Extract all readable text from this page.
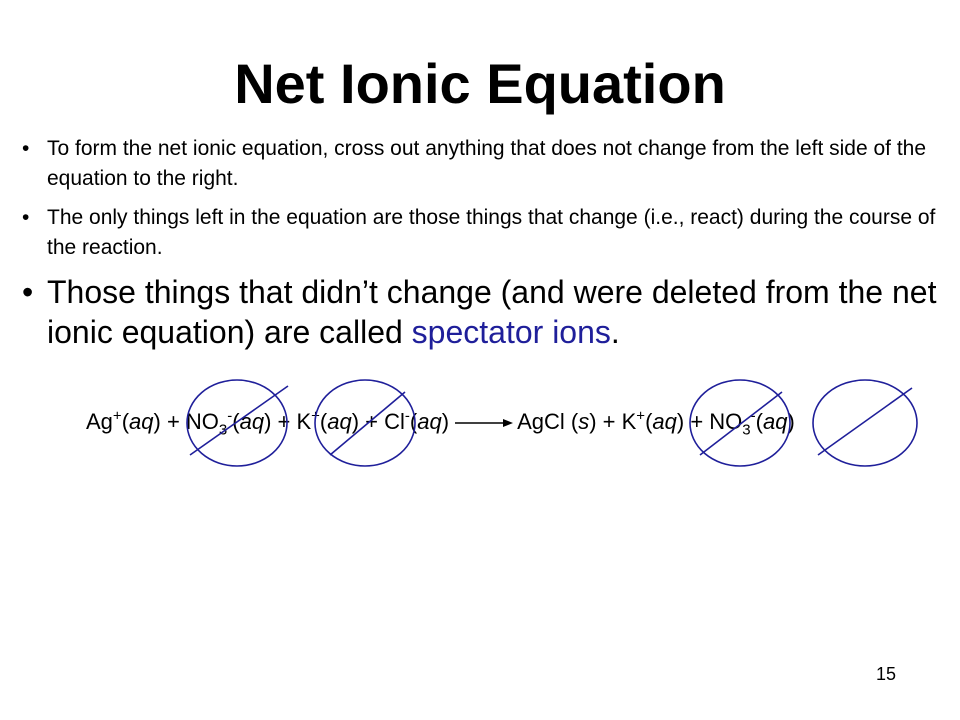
Net Ionic Equation
• To form the net ionic equation, cross out anything that does not change from the left side of the equation to the right.
• The only things left in the equation are those things that change (i.e., react) during the course of the reaction.
• Those things that didn’t change (and were deleted from the net ionic equation) are called spectator ions.
$Ag^+(aq) + NO_3^-(aq) + K^+(aq) + Cl^-(aq)$ → AgCl $(s) + K^+(aq) + NO_3^-(aq)$
15
